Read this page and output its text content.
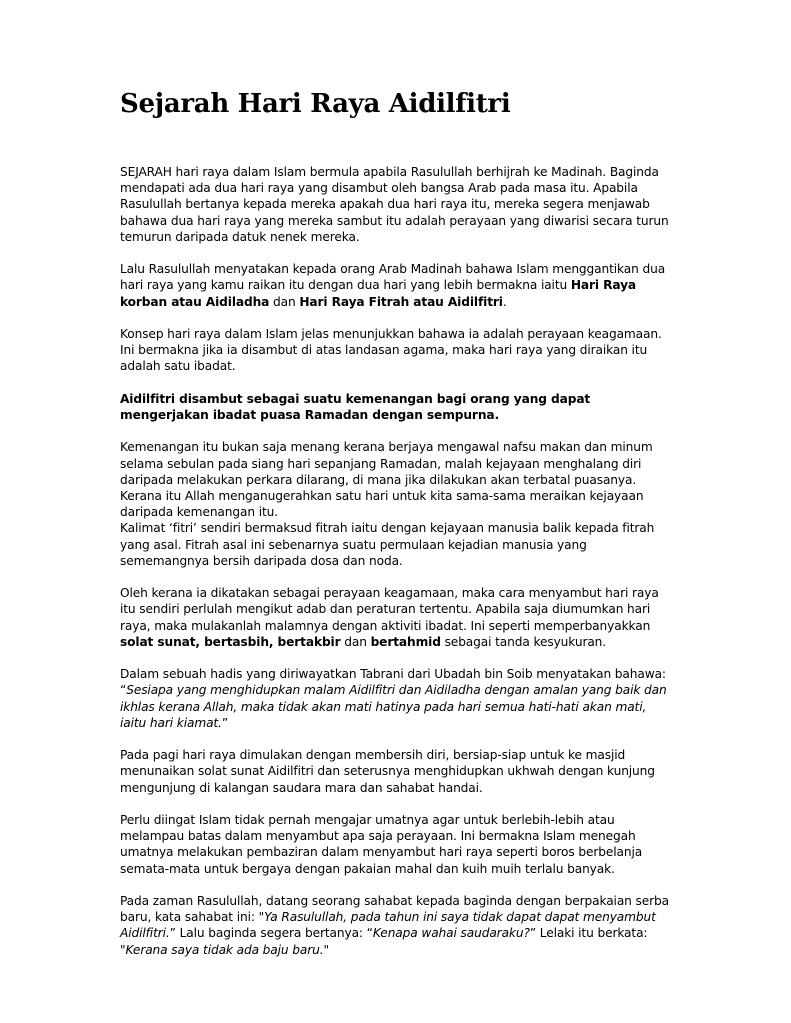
Sejarah Hari Raya Aidilfitri

SEJARAH hari raya dalam Islam bermula apabila Rasulullah berhijrah ke Madinah. Baginda mendapati ada dua hari raya yang disambut oleh bangsa Arab pada masa itu. Apabila Rasulullah bertanya kepada mereka apakah dua hari raya itu, mereka segera menjawab bahawa dua hari raya yang mereka sambut itu adalah perayaan yang diwarisi secara turun temurun daripada datuk nenek mereka.

Lalu Rasulullah menyatakan kepada orang Arab Madinah bahawa Islam menggantikan dua hari raya yang kamu raikan itu dengan dua hari yang lebih bermakna iaitu Hari Raya korban atau Aidiladha dan Hari Raya Fitrah atau Aidilfitri.

Konsep hari raya dalam Islam jelas menunjukkan bahawa ia adalah perayaan keagamaan. Ini bermakna jika ia disambut di atas landasan agama, maka hari raya yang diraikan itu adalah satu ibadat.

Aidilfitri disambut sebagai suatu kemenangan bagi orang yang dapat mengerjakan ibadat puasa Ramadan dengan sempurna.

Kemenangan itu bukan saja menang kerana berjaya mengawal nafsu makan dan minum selama sebulan pada siang hari sepanjang Ramadan, malah kejayaan menghalang diri daripada melakukan perkara dilarang, di mana jika dilakukan akan terbatal puasanya. Kerana itu Allah menganugerahkan satu hari untuk kita sama-sama meraikan kejayaan daripada kemenangan itu.

Kalimat ‘fitri’ sendiri bermaksud fitrah iaitu dengan kejayaan manusia balik kepada fitrah yang asal. Fitrah asal ini sebenarnya suatu permulaan kejadian manusia yang sememangnya bersih daripada dosa dan noda.

Oleh kerana ia dikatakan sebagai perayaan keagamaan, maka cara menyambut hari raya itu sendiri perlulah mengikut adab dan peraturan tertentu. Apabila saja diumumkan hari raya, maka mulakanlah malamnya dengan aktiviti ibadat. Ini seperti memperbanyakkan solat sunat, bertasbih, bertakbir dan bertahmid sebagai tanda kesyukuran.

Dalam sebuah hadis yang diriwayatkan Tabrani dari Ubadah bin Soib menyatakan bahawa:
“Sesiapa yang menghidupkan malam Aidilfitri dan Aidiladha dengan amalan yang baik dan ikhlas kerana Allah, maka tidak akan mati hatinya pada hari semua hati-hati akan mati, iaitu hari kiamat.”

Pada pagi hari raya dimulakan dengan membersih diri, bersiap-siap untuk ke masjid menunaikan solat sunat Aidilfitri dan seterusnya menghidupkan ukhwah dengan kunjung mengunjung di kalangan saudara mara dan sahabat handai.

Perlu diingat Islam tidak pernah mengajar umatnya agar untuk berlebih-lebih atau melampau batas dalam menyambut apa saja perayaan. Ini bermakna Islam menegah umatnya melakukan pembaziran dalam menyambut hari raya seperti boros berbelanja semata-mata untuk bergaya dengan pakaian mahal dan kuih muih terlalu banyak.

Pada zaman Rasulullah, datang seorang sahabat kepada baginda dengan berpakaian serba baru, kata sahabat ini: "Ya Rasulullah, pada tahun ini saya tidak dapat dapat menyambut Aidilfitri.” Lalu baginda segera bertanya: “Kenapa wahai saudaraku?” Lelaki itu berkata: "Kerana saya tidak ada baju baru."
